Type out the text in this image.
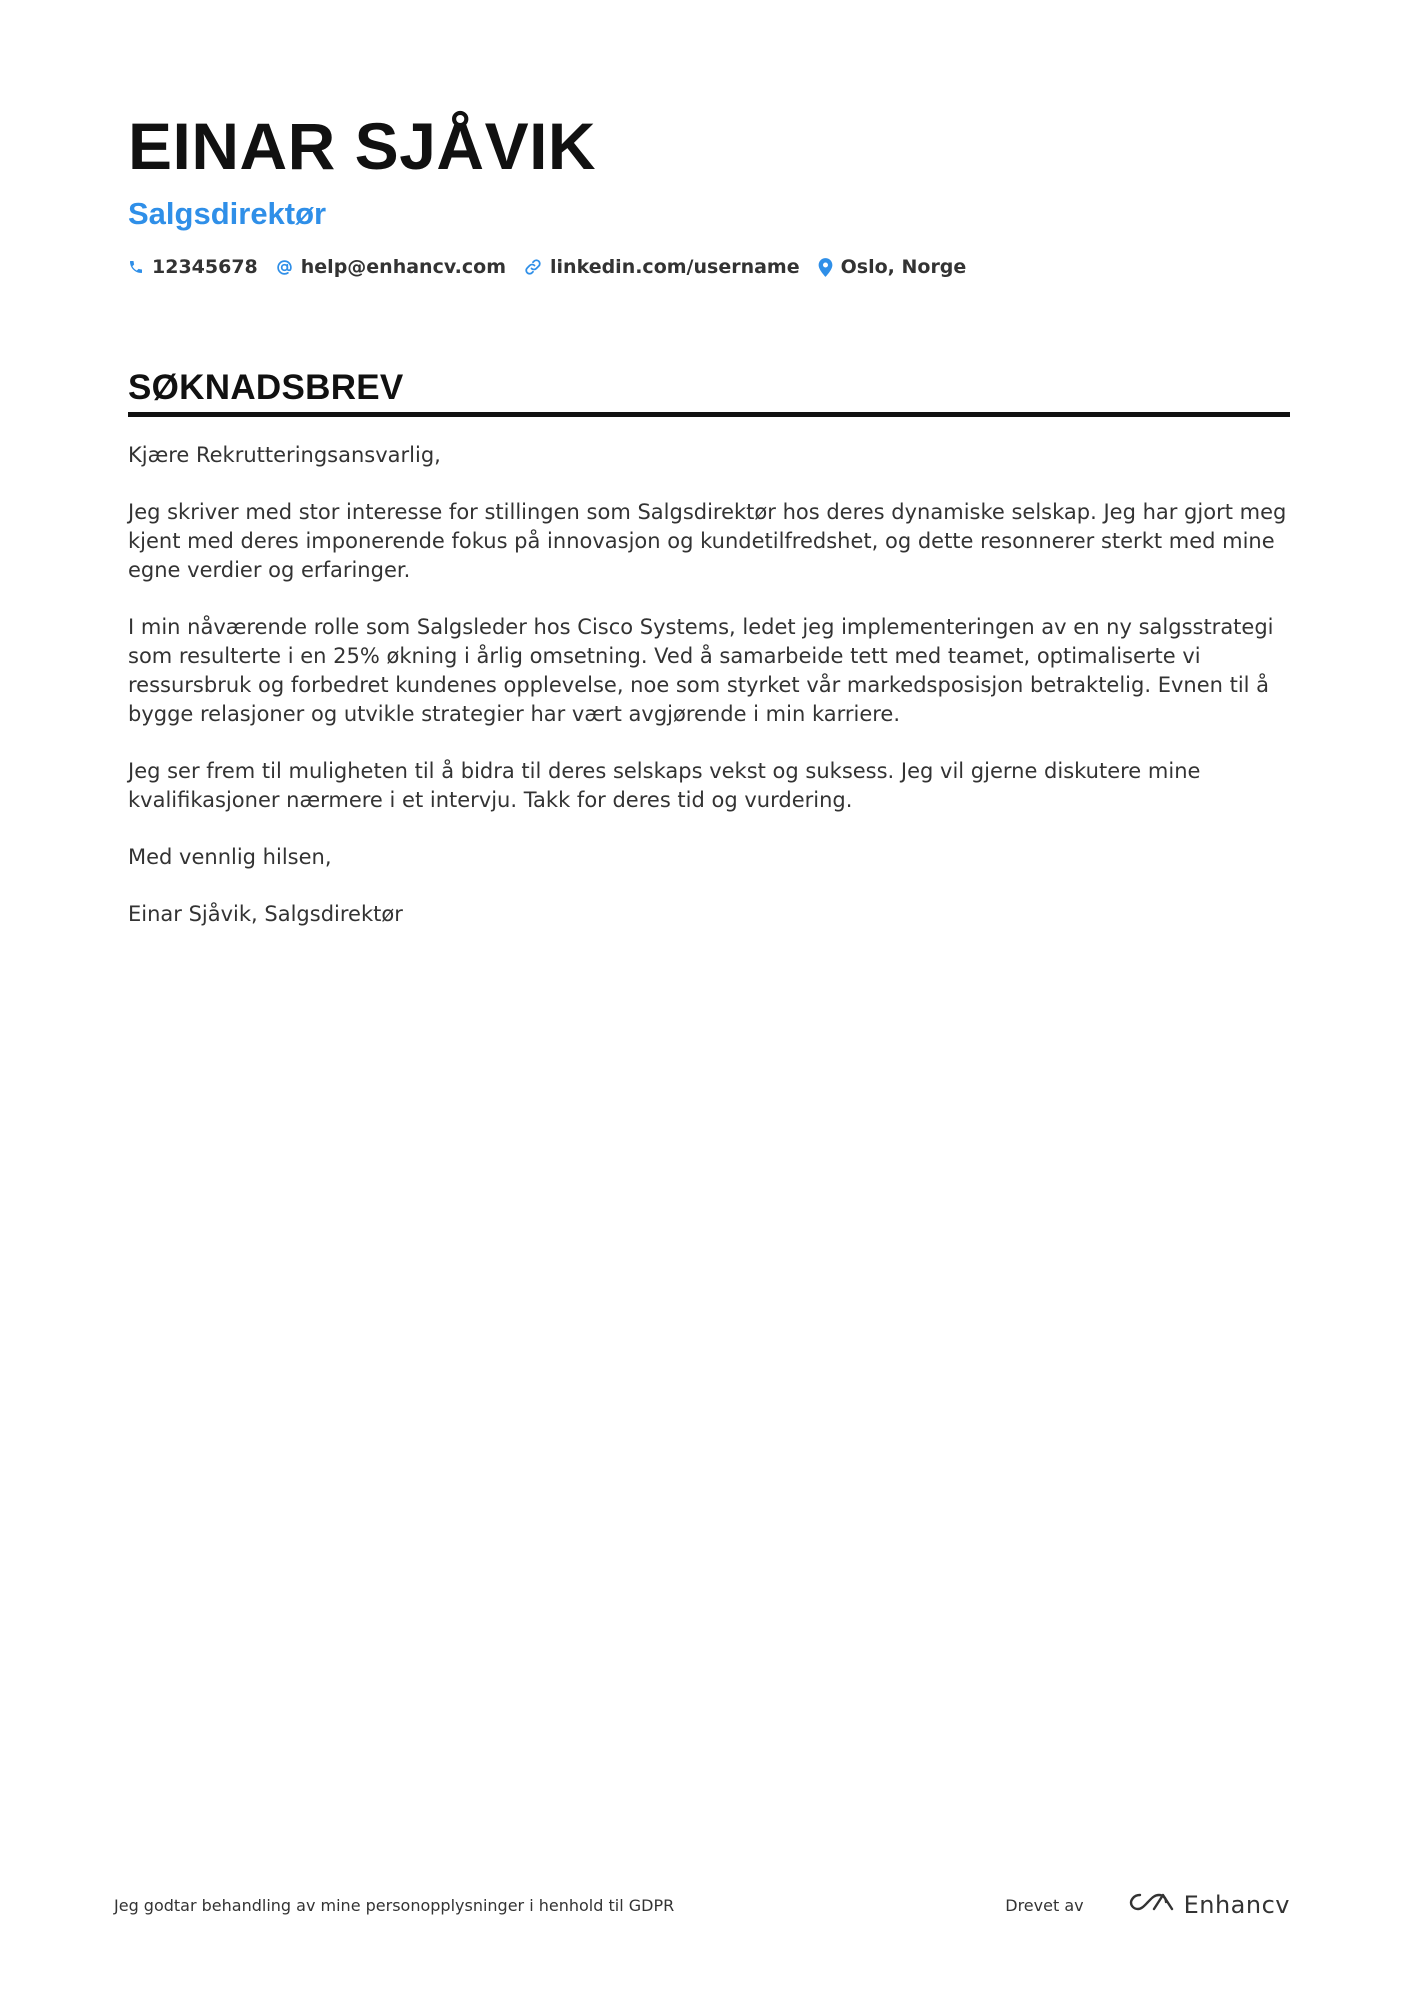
EINAR SJÅVIK
Salgsdirektør
12345678 help@enhancv.com linkedin.com/username Oslo, Norge
SØKNADSBREV

Kjære Rekrutteringsansvarlig,

Jeg skriver med stor interesse for stillingen som Salgsdirektør hos deres dynamiske selskap. Jeg har gjort meg kjent med deres imponerende fokus på innovasjon og kundetilfredshet, og dette resonnerer sterkt med mine egne verdier og erfaringer.

I min nåværende rolle som Salgsleder hos Cisco Systems, ledet jeg implementeringen av en ny salgsstrategi som resulterte i en 25% økning i årlig omsetning. Ved å samarbeide tett med teamet, optimaliserte vi ressursbruk og forbedret kundenes opplevelse, noe som styrket vår markedsposisjon betraktelig. Evnen til å bygge relasjoner og utvikle strategier har vært avgjørende i min karriere.

Jeg ser frem til muligheten til å bidra til deres selskaps vekst og suksess. Jeg vil gjerne diskutere mine kvalifikasjoner nærmere i et intervju. Takk for deres tid og vurdering.

Med vennlig hilsen,

Einar Sjåvik, Salgsdirektør

Jeg godtar behandling av mine personopplysninger i henhold til GDPR	Drevet av	Enhancv
